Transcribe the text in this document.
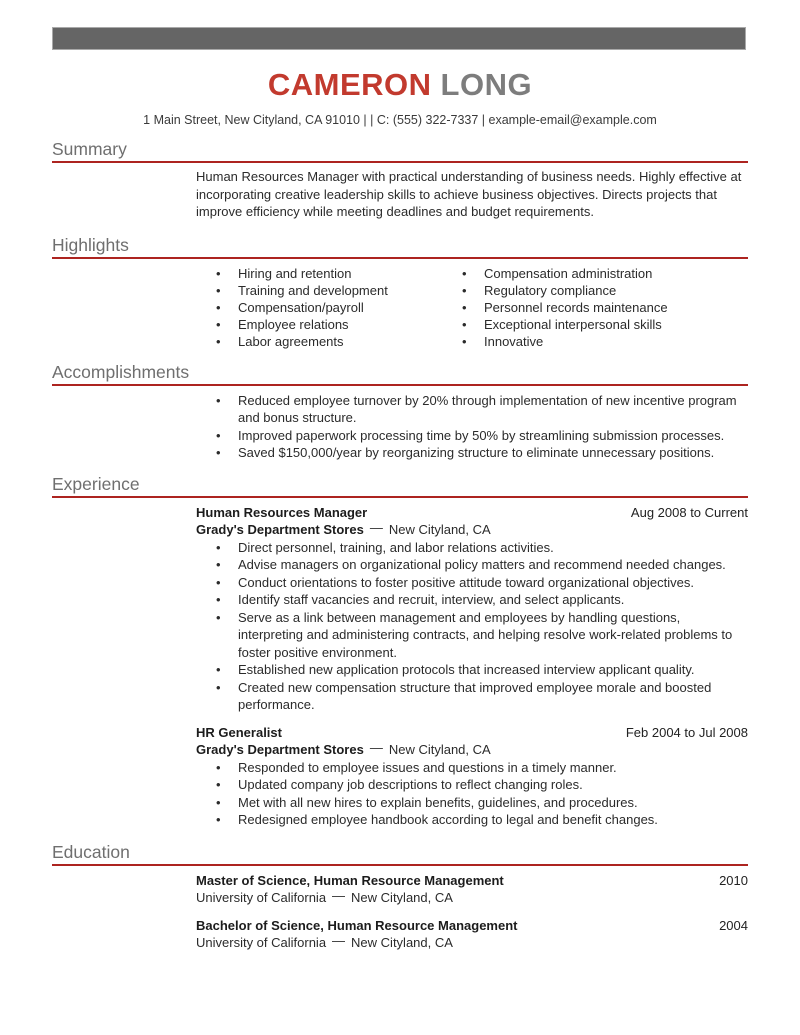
CAMERON LONG
1 Main Street, New Cityland, CA 91010 | | C: (555) 322-7337 | example-email@example.com
Summary

Human Resources Manager with practical understanding of business needs. Highly effective at incorporating creative leadership skills to achieve business objectives. Directs projects that improve efficiency while meeting deadlines and budget requirements.

Highlights
• Hiring and retention
• Training and development
• Compensation/payroll
• Employee relations
• Labor agreements
• Compensation administration
• Regulatory compliance
• Personnel records maintenance
• Exceptional interpersonal skills
• Innovative
Accomplishments
• Reduced employee turnover by 20% through implementation of new incentive program and bonus structure.
• Improved paperwork processing time by 50% by streamlining submission processes.
• Saved $150,000/year by reorganizing structure to eliminate unnecessary positions.
Experience
Human Resources Manager	Aug 2008 to Current
Grady's Department Stores — New Cityland, CA
• Direct personnel, training, and labor relations activities.
• Advise managers on organizational policy matters and recommend needed changes.
• Conduct orientations to foster positive attitude toward organizational objectives.
• Identify staff vacancies and recruit, interview, and select applicants.
• Serve as a link between management and employees by handling questions, interpreting and administering contracts, and helping resolve work-related problems to foster positive environment.
• Established new application protocols that increased interview applicant quality.
• Created new compensation structure that improved employee morale and boosted performance.
HR Generalist	Feb 2004 to Jul 2008
Grady's Department Stores — New Cityland, CA
• Responded to employee issues and questions in a timely manner.
• Updated company job descriptions to reflect changing roles.
• Met with all new hires to explain benefits, guidelines, and procedures.
• Redesigned employee handbook according to legal and benefit changes.
Education
Master of Science, Human Resource Management	2010
University of California — New Cityland, CA
Bachelor of Science, Human Resource Management	2004
University of California — New Cityland, CA
